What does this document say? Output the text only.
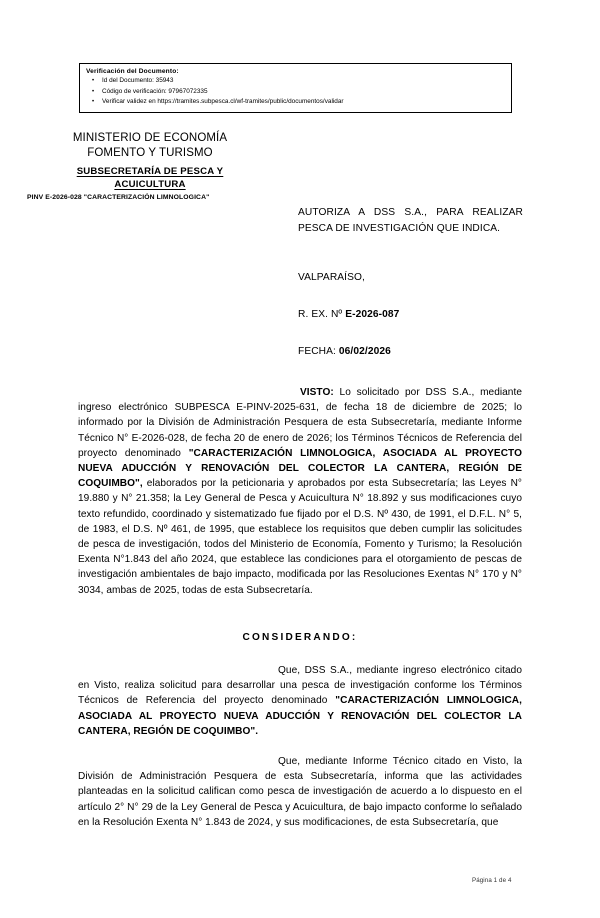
Verificación del Documento:
• Id del Documento: 35943
• Código de verificación: 97967072335
• Verificar validez en https://tramites.subpesca.cl/wf-tramites/public/documentos/validar
MINISTERIO DE ECONOMÍA
FOMENTO Y TURISMO
SUBSECRETARÍA DE PESCA Y
ACUICULTURA
PINV E-2026-028 "CARACTERIZACIÓN LIMNOLOGICA"
AUTORIZA A DSS S.A., PARA REALIZAR PESCA DE INVESTIGACIÓN QUE INDICA.
VALPARAÍSO,
R. EX. Nº E-2026-087
FECHA: 06/02/2026
VISTO: Lo solicitado por DSS S.A., mediante ingreso electrónico SUBPESCA E-PINV-2025-631, de fecha 18 de diciembre de 2025; lo informado por la División de Administración Pesquera de esta Subsecretaría, mediante Informe Técnico N° E-2026-028, de fecha 20 de enero de 2026; los Términos Técnicos de Referencia del proyecto denominado "CARACTERIZACIÓN LIMNOLOGICA, ASOCIADA AL PROYECTO NUEVA ADUCCIÓN Y RENOVACIÓN DEL COLECTOR LA CANTERA, REGIÓN DE COQUIMBO", elaborados por la peticionaria y aprobados por esta Subsecretaría; las Leyes N° 19.880 y N° 21.358; la Ley General de Pesca y Acuicultura N° 18.892 y sus modificaciones cuyo texto refundido, coordinado y sistematizado fue fijado por el D.S. Nº 430, de 1991, el D.F.L. N° 5, de 1983, el D.S. Nº 461, de 1995, que establece los requisitos que deben cumplir las solicitudes de pesca de investigación, todos del Ministerio de Economía, Fomento y Turismo; la Resolución Exenta N°1.843 del año 2024, que establece las condiciones para el otorgamiento de pescas de investigación ambientales de bajo impacto, modificada por las Resoluciones Exentas N° 170 y N° 3034, ambas de 2025, todas de esta Subsecretaría.
CONSIDERANDO:
Que, DSS S.A., mediante ingreso electrónico citado en Visto, realiza solicitud para desarrollar una pesca de investigación conforme los Términos Técnicos de Referencia del proyecto denominado "CARACTERIZACIÓN LIMNOLOGICA, ASOCIADA AL PROYECTO NUEVA ADUCCIÓN Y RENOVACIÓN DEL COLECTOR LA CANTERA, REGIÓN DE COQUIMBO".
Que, mediante Informe Técnico citado en Visto, la División de Administración Pesquera de esta Subsecretaría, informa que las actividades planteadas en la solicitud califican como pesca de investigación de acuerdo a lo dispuesto en el artículo 2° N° 29 de la Ley General de Pesca y Acuicultura, de bajo impacto conforme lo señalado en la Resolución Exenta N° 1.843 de 2024, y sus modificaciones, de esta Subsecretaría, que
Página 1 de 4
